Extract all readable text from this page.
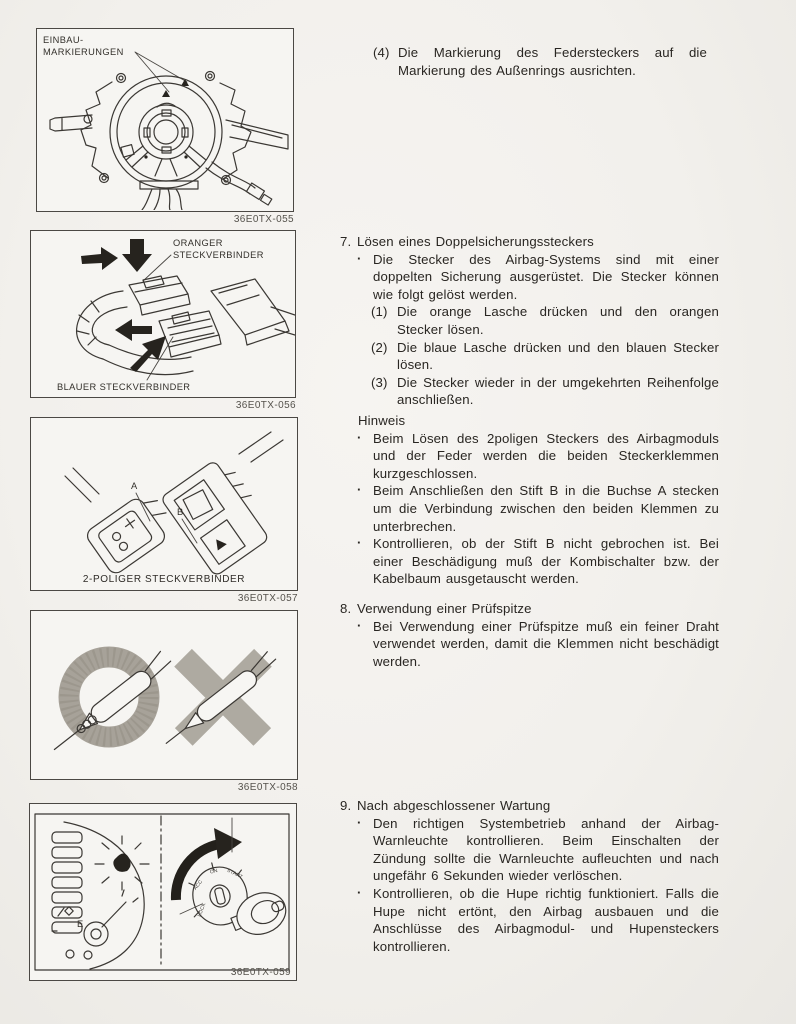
EINBAU-
MARKIERUNGEN
36E0TX-055
ORANGER
STECKVERBINDER
BLAUER STECKVERBINDER
36E0TX-056
A
B
2-POLIGER STECKVERBINDER
36E0TX-057
36E0TX-058
E
LOCK
ACC
ON START
36E0TX-059
(4) Die Markierung des Federsteckers auf die Markierung des Außenrings ausrichten.
7. Lösen eines Doppelsicherungssteckers
· Die Stecker des Airbag-Systems sind mit einer doppelten Sicherung ausgerüstet. Die Stecker können wie folgt gelöst werden.
(1) Die orange Lasche drücken und den orangen Stecker lösen.
(2) Die blaue Lasche drücken und den blauen Stecker lösen.
(3) Die Stecker wieder in der umgekehrten Reihenfolge anschließen.
Hinweis
· Beim Lösen des 2poligen Steckers des Airbagmoduls und der Feder werden die beiden Steckerklemmen kurzgeschlossen.
· Beim Anschließen den Stift B in die Buchse A stecken um die Verbindung zwischen den beiden Klemmen zu unterbrechen.
· Kontrollieren, ob der Stift B nicht gebrochen ist. Bei einer Beschädigung muß der Kombischalter bzw. der Kabelbaum ausgetauscht werden.
8. Verwendung einer Prüfspitze
· Bei Verwendung einer Prüfspitze muß ein feiner Draht verwendet werden, damit die Klemmen nicht beschädigt werden.
9. Nach abgeschlossener Wartung
· Den richtigen Systembetrieb anhand der Airbag-Warnleuchte kontrollieren. Beim Einschalten der Zündung sollte die Warnleuchte aufleuchten und nach ungefähr 6 Sekunden wieder verlöschen.
· Kontrollieren, ob die Hupe richtig funktioniert. Falls die Hupe nicht ertönt, den Airbag ausbauen und die Anschlüsse des Airbagmodul- und Hupensteckers kontrollieren.
